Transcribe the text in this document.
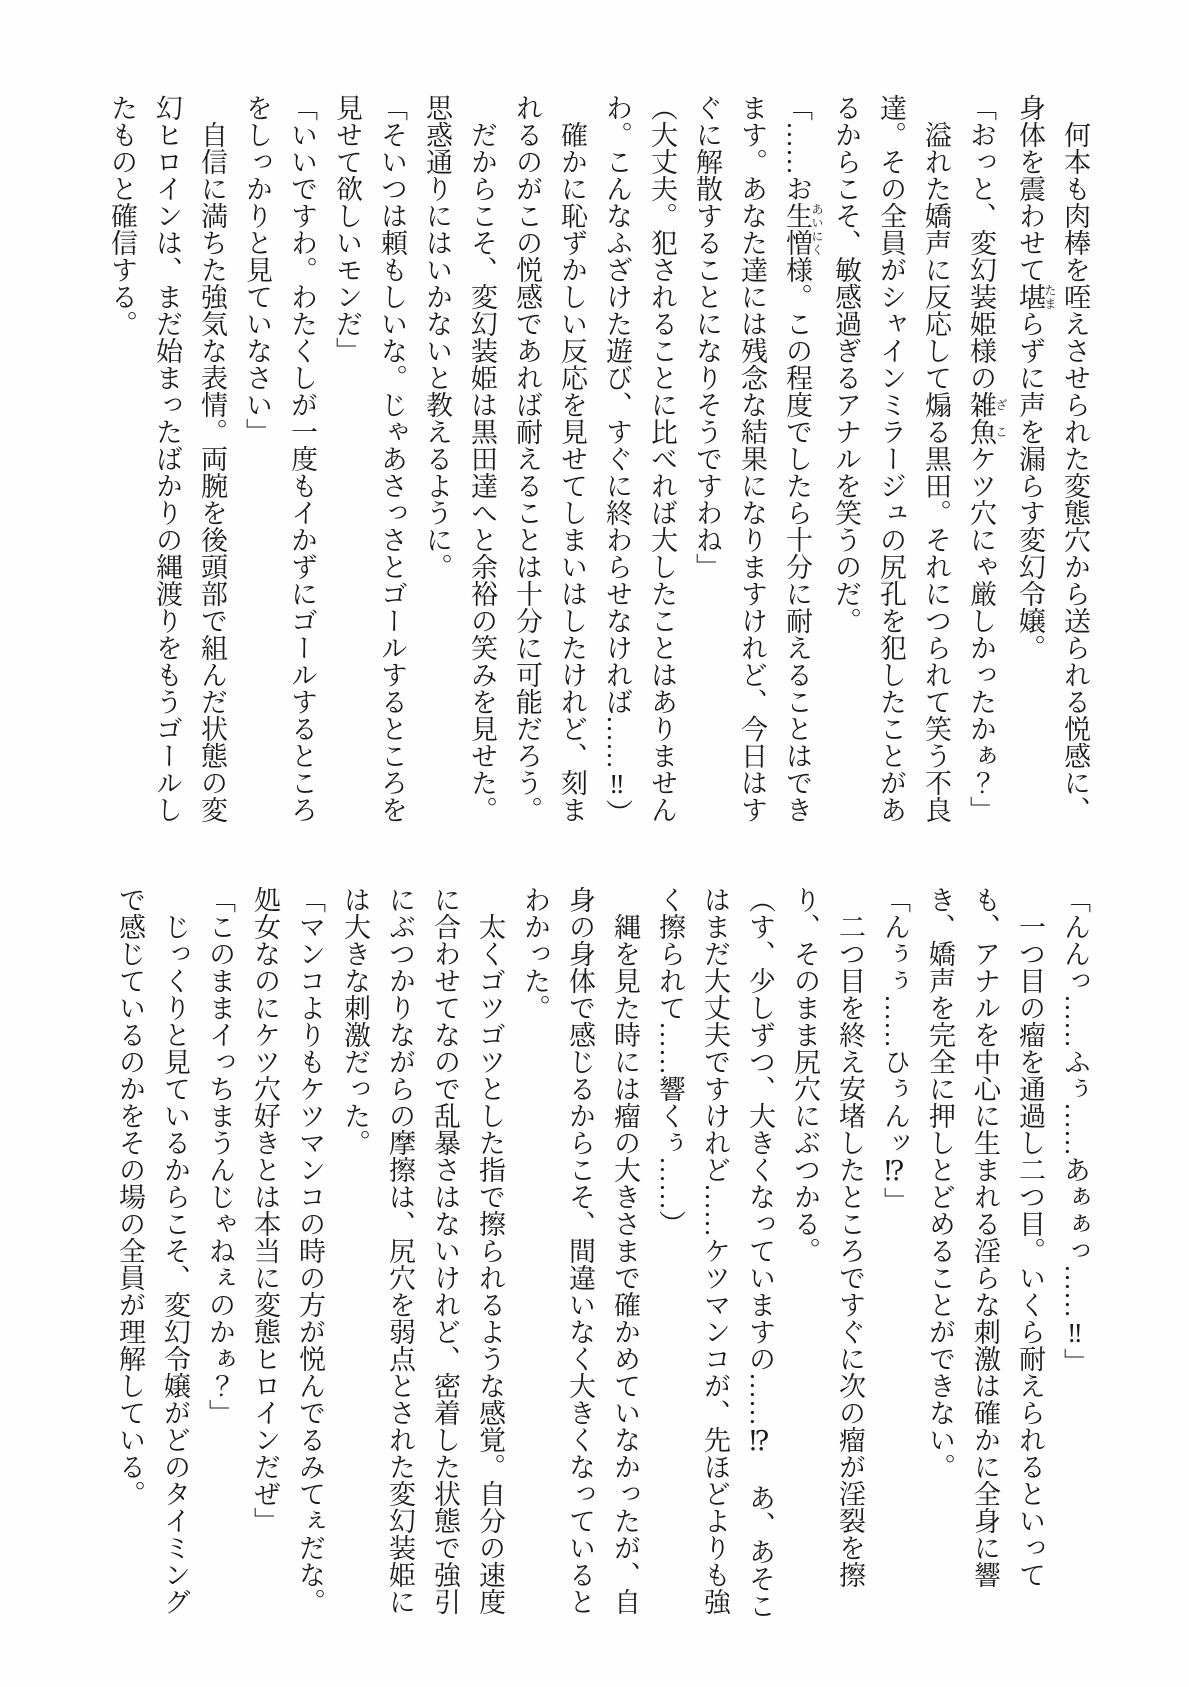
何本も肉棒を咥えさせられた変態穴から送られる悦感に、身体を震わせて堪たまらずに声を漏らす変幻令嬢。

「おっと、変幻装姫様の雑魚ざこケツ穴にゃ厳しかったかぁ？」

溢れた嬌声に反応して煽る黒田。それにつられて笑う不良達。その全員がシャインミラージュの尻孔を犯したことがあるからこそ、敏感過ぎるアナルを笑うのだ。

「……お生憎あいにく様。この程度でしたら十分に耐えることはできます。あなた達には残念な結果になりますけれど、今日はすぐに解散することになりそうですわね」

（大丈夫。犯されることに比べれば大したことはありませんわ。こんなふざけた遊び、すぐに終わらせなければ……‼）

確かに恥ずかしい反応を見せてしまいはしたけれど、刻まれるのがこの悦感であれば耐えることは十分に可能だろう。

だからこそ、変幻装姫は黒田達へと余裕の笑みを見せた。思惑通りにはいかないと教えるように。

「そいつは頼もしいな。じゃあさっさとゴールするところを見せて欲しいモンだ」

「いいですわ。わたくしが一度もイかずにゴールするところをしっかりと見ていなさい」

自信に満ちた強気な表情。両腕を後頭部で組んだ状態の変幻ヒロインは、まだ始まったばかりの縄渡りをもうゴールしたものと確信する。

「んんっ……ふぅ……あぁぁっ……‼」

一つ目の瘤を通過し二つ目。いくら耐えられるといっても、アナルを中心に生まれる淫らな刺激は確かに全身に響き、嬌声を完全に押しとどめることができない。

「んぅぅ……ひぅんッ⁉」

二つ目を終え安堵したところですぐに次の瘤が淫裂を擦り、そのまま尻穴にぶつかる。

（す、少しずつ、大きくなっていますの……⁉　あ、あそこはまだ大丈夫ですけれど……ケツマンコが、先ほどよりも強く擦られて……響くぅ……）

縄を見た時には瘤の大きさまで確かめていなかったが、自身の身体で感じるからこそ、間違いなく大きくなっているとわかった。

太くゴツゴツとした指で擦られるような感覚。自分の速度に合わせてなので乱暴さはないけれど、密着した状態で強引にぶつかりながらの摩擦は、尻穴を弱点とされた変幻装姫には大きな刺激だった。

「マンコよりもケツマンコの時の方が悦んでるみてぇだな。処女なのにケツ穴好きとは本当に変態ヒロインだぜ」

「このままイっちまうんじゃねぇのかぁ？」

じっくりと見ているからこそ、変幻令嬢がどのタイミングで感じているのかをその場の全員が理解している。
